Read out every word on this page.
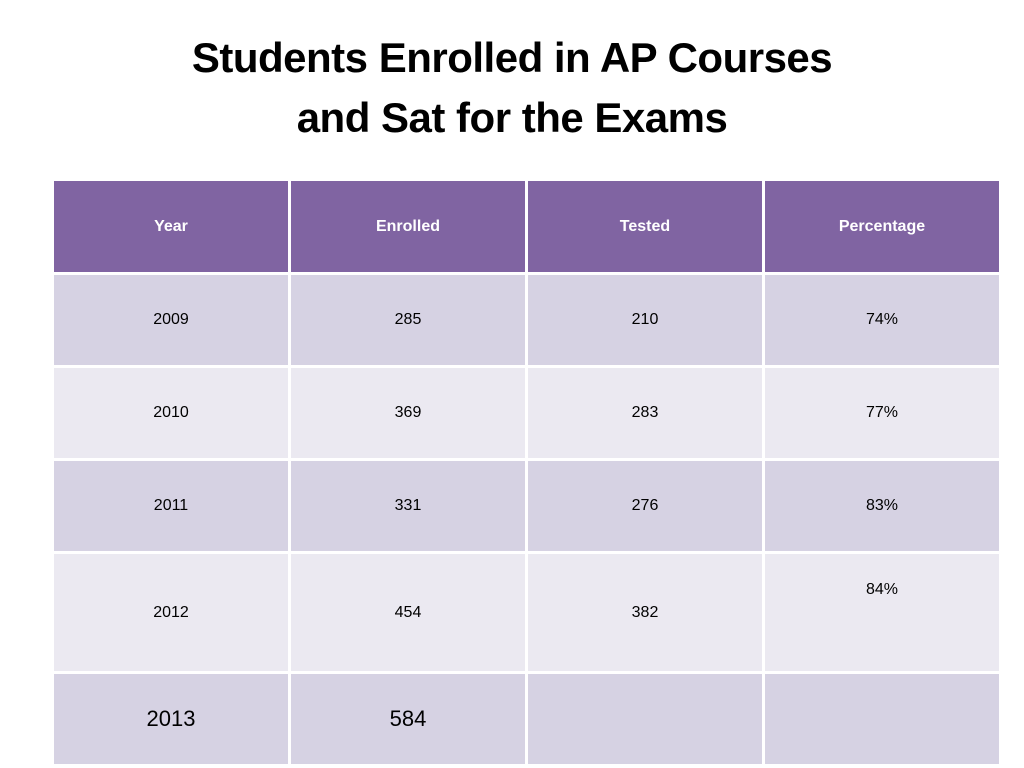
Students Enrolled in AP Courses
and Sat for the Exams
Year	Enrolled	Tested	Percentage
2009	285	210	74%
2010	369	283	77%
2011	331	276	83%
2012	454	382	84%
2013	584		
